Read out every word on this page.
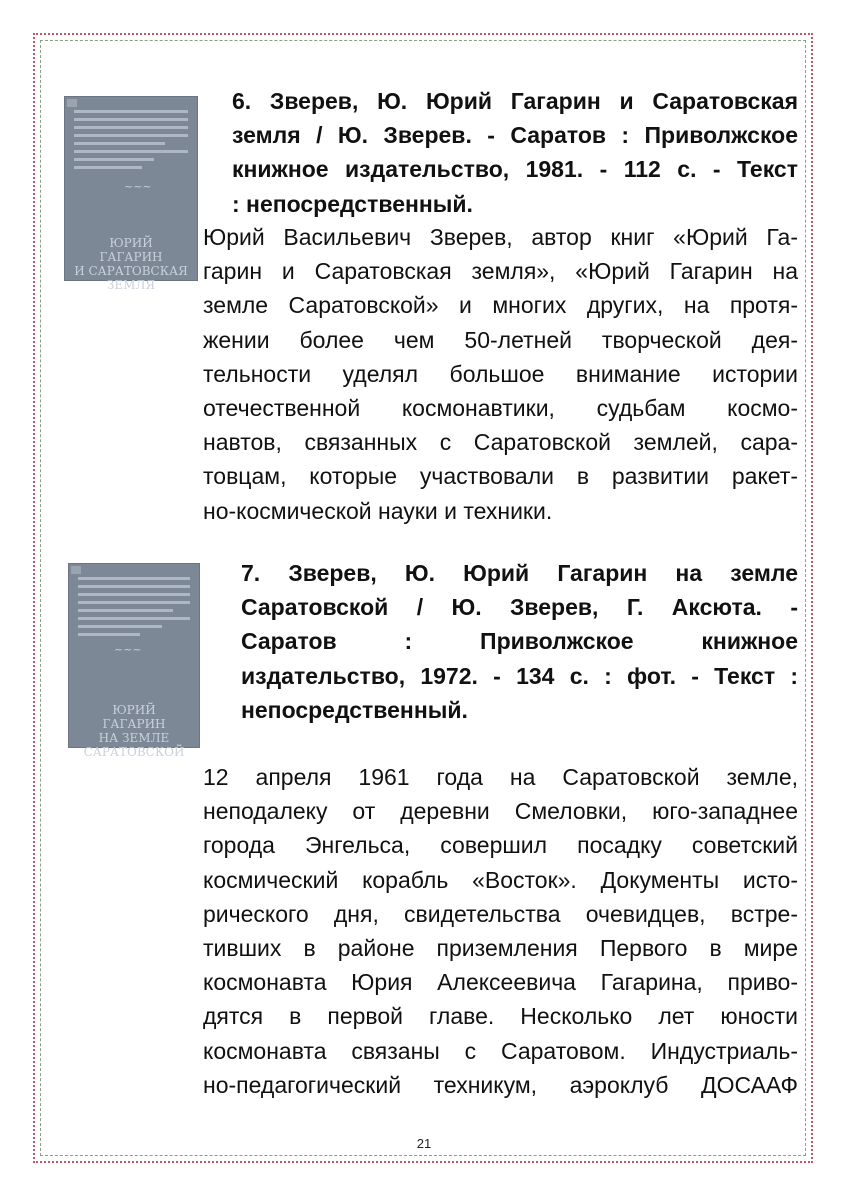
~~~
ЮРИЙ
ГАГАРИН
И САРАТОВСКАЯ ЗЕМЛЯ
6. Зверев, Ю. Юрий Гагарин и Саратовская
земля / Ю. Зверев. - Саратов : Приволжское
книжное издательство, 1981. - 112 с. - Текст
: непосредственный.
Юрий Васильевич Зверев, автор книг «Юрий Га-
гарин и Саратовская земля», «Юрий Гагарин на
земле Саратовской» и многих других, на протя-
жении более чем 50-летней творческой дея-
тельности уделял большое внимание истории
отечественной космонавтики, судьбам космо-
навтов, связанных с Саратовской землей, сара-
товцам, которые участвовали в развитии ракет-
но-космической науки и техники.
~~~
ЮРИЙ
ГАГАРИН
НА ЗЕМЛЕ САРАТОВСКОЙ
7. Зверев, Ю. Юрий Гагарин на земле
Саратовской / Ю. Зверев, Г. Аксюта. -
Саратов : Приволжское книжное
издательство, 1972. - 134 с. : фот. - Текст :
непосредственный.
12 апреля 1961 года на Саратовской земле,
неподалеку от деревни Смеловки, юго-западнее
города Энгельса, совершил посадку советский
космический корабль «Восток». Документы исто-
рического дня, свидетельства очевидцев, встре-
тивших в районе приземления Первого в мире
космонавта Юрия Алексеевича Гагарина, приво-
дятся в первой главе. Несколько лет юности
космонавта связаны с Саратовом. Индустриаль-
но-педагогический техникум, аэроклуб ДОСААФ
21
